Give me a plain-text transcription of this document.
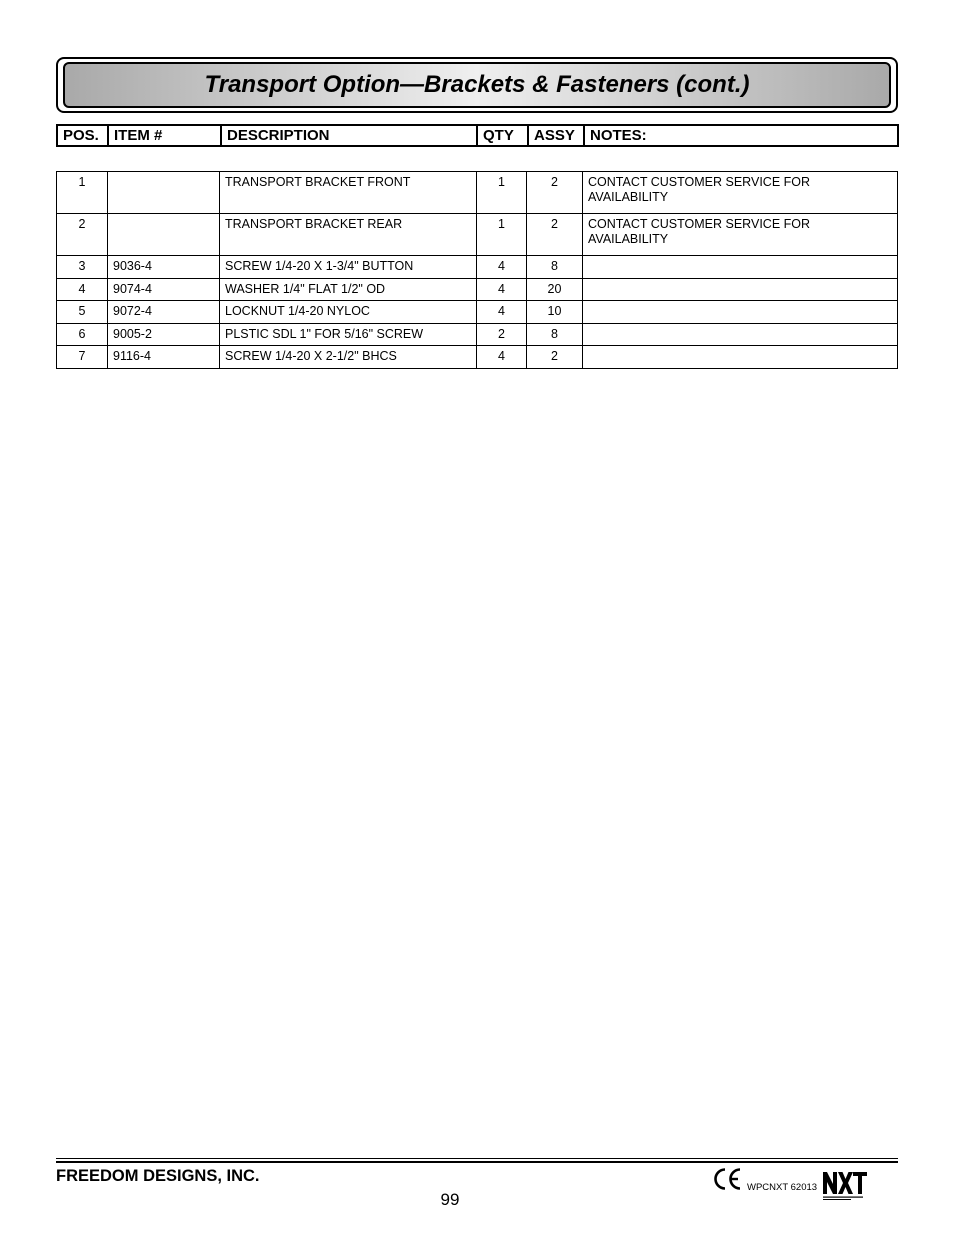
Transport Option—Brackets & Fasteners (cont.)
POS.	ITEM #	DESCRIPTION	QTY	ASSY	NOTES:
1		TRANSPORT BRACKET FRONT	1	2	CONTACT CUSTOMER SERVICE FOR AVAILABILITY
2		TRANSPORT BRACKET REAR	1	2	CONTACT CUSTOMER SERVICE FOR AVAILABILITY
3	9036-4	SCREW 1/4-20 X 1-3/4" BUTTON	4	8	
4	9074-4	WASHER 1/4" FLAT 1/2" OD	4	20	
5	9072-4	LOCKNUT 1/4-20 NYLOC	4	10	
6	9005-2	PLSTIC SDL 1" FOR 5/16" SCREW	2	8	
7	9116-4	SCREW 1/4-20 X 2-1/2" BHCS	4	2	
FREEDOM DESIGNS, INC.
99
WPCNXT 62013
